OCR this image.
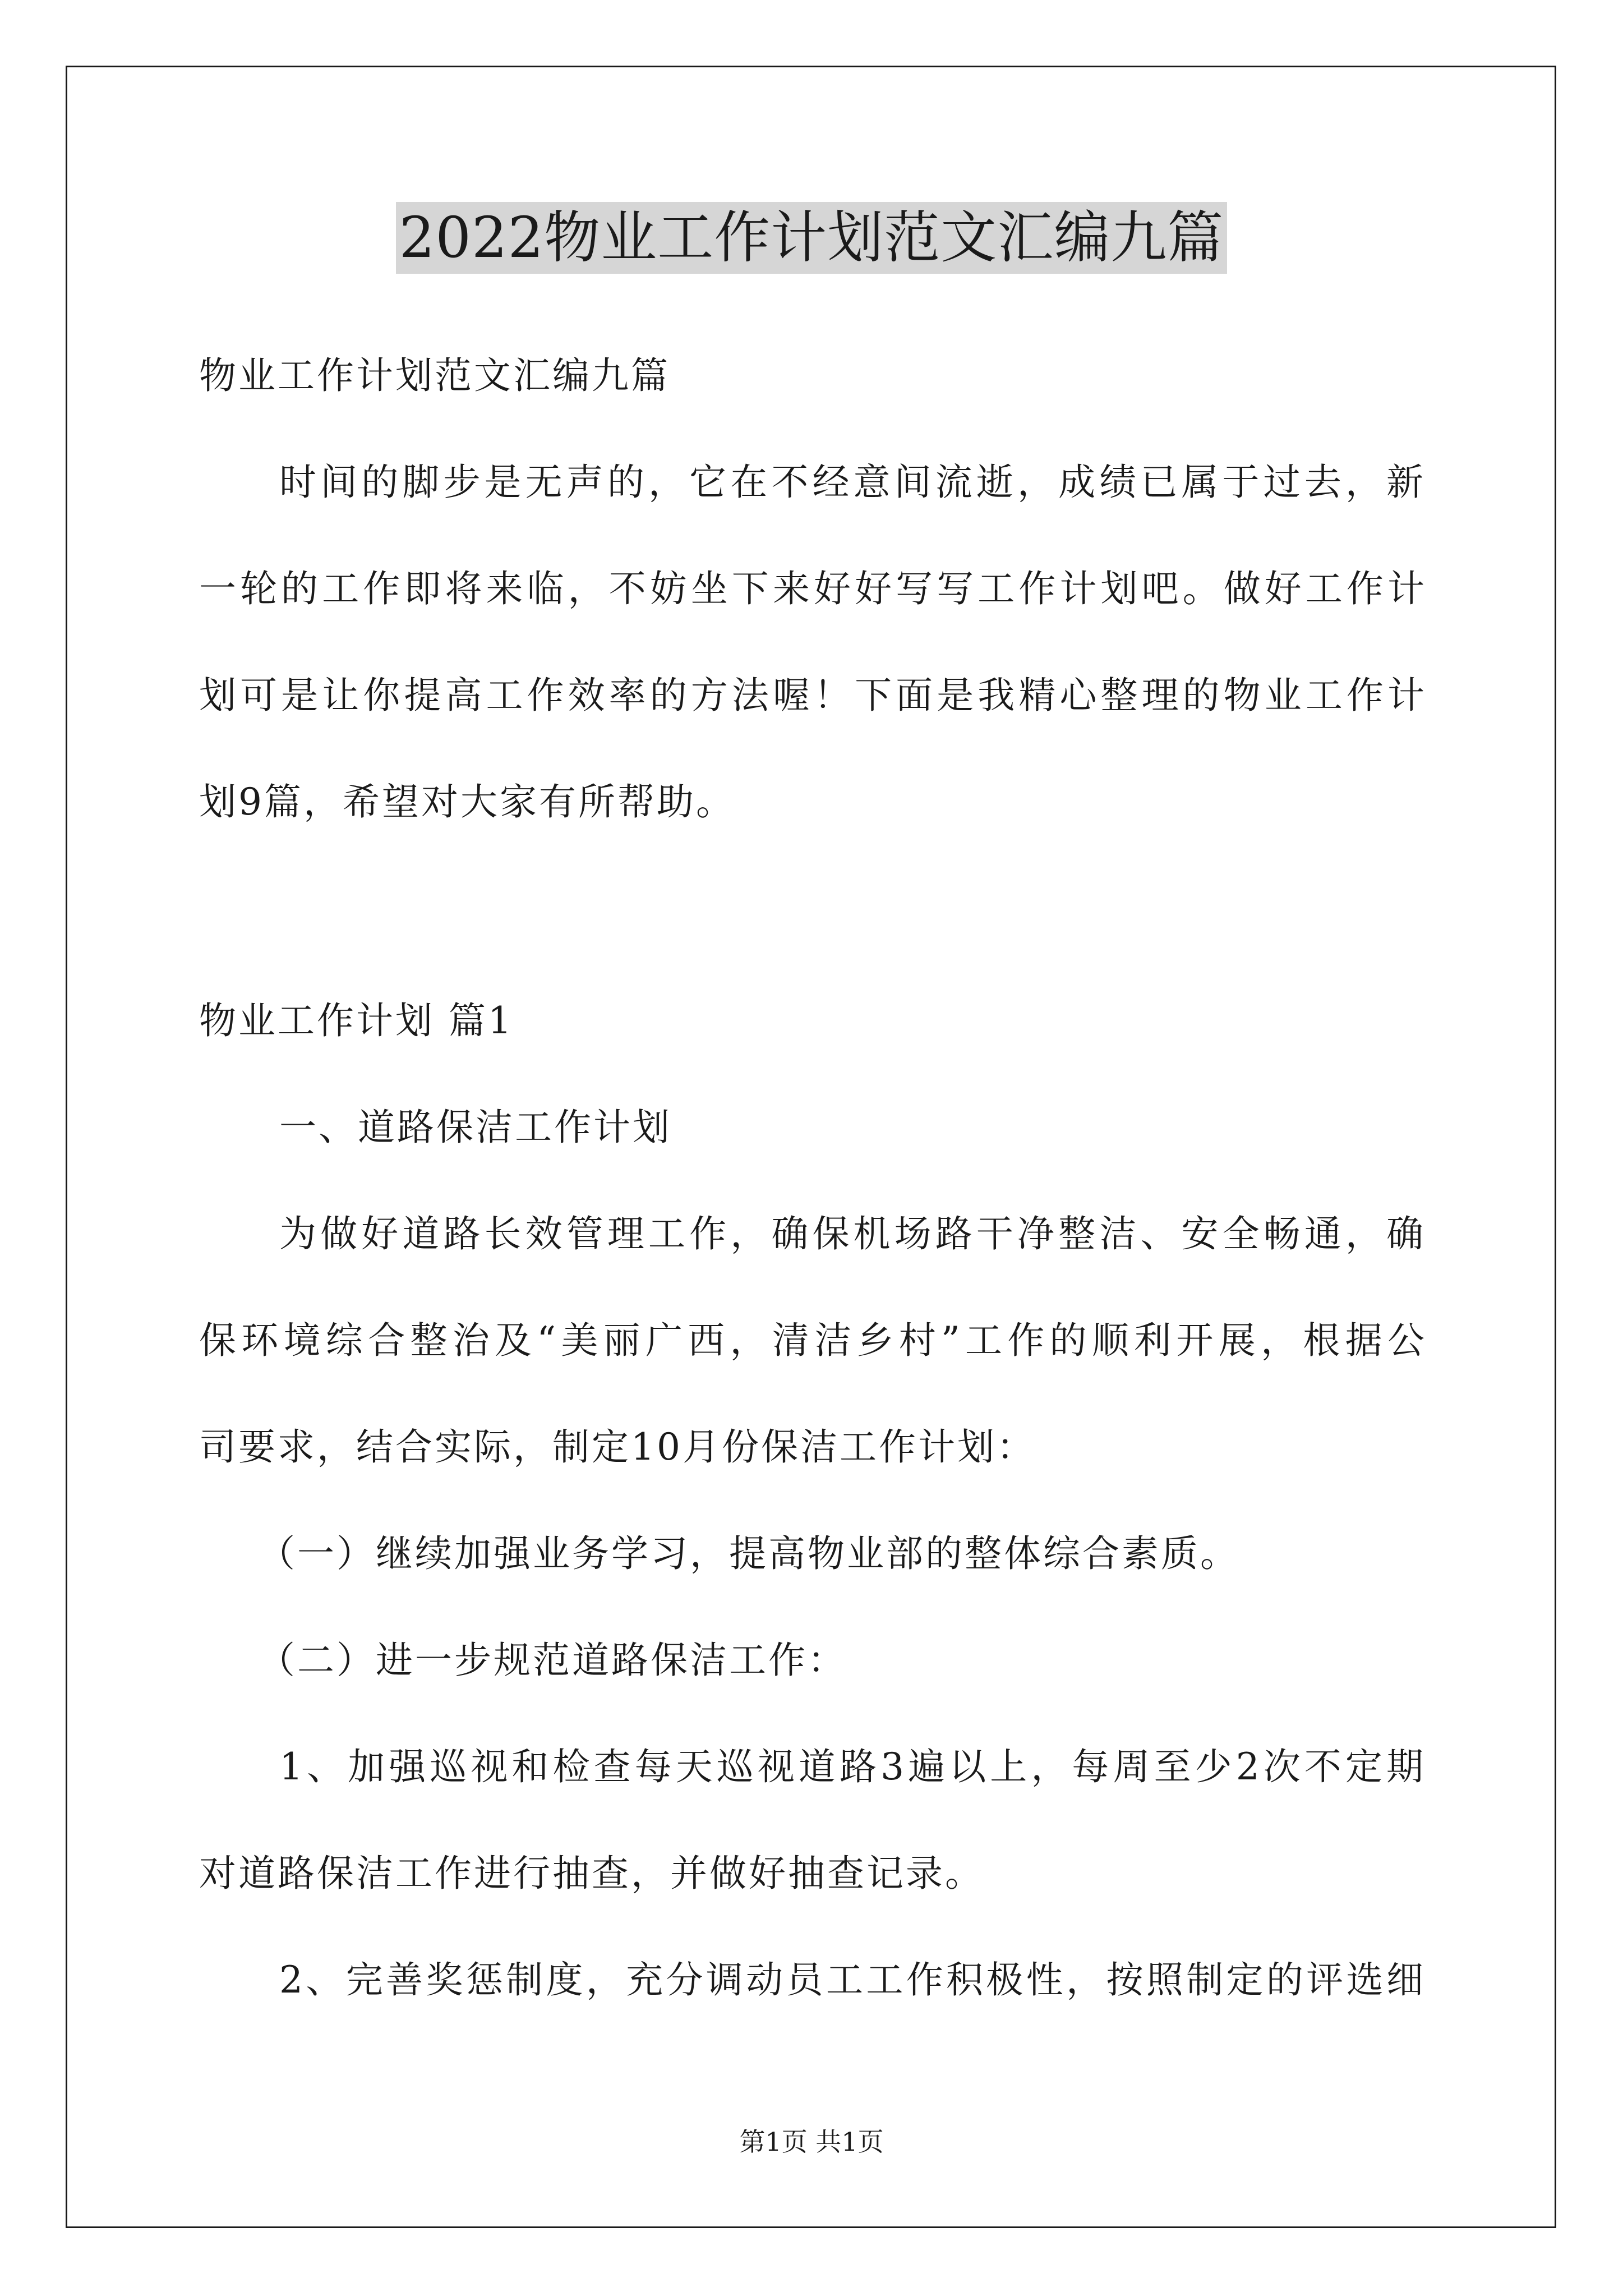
2022物业工作计划范文汇编九篇
物业工作计划范文汇编九篇
时间的脚步是无声的，它在不经意间流逝，成绩已属于过去，新
一轮的工作即将来临，不妨坐下来好好写写工作计划吧。做好工作计
划可是让你提高工作效率的方法喔！下面是我精心整理的物业工作计
划9篇，希望对大家有所帮助。
物业工作计划 篇1
一、道路保洁工作计划
为做好道路长效管理工作，确保机场路干净整洁、安全畅通，确
保环境综合整治及“美丽广西，清洁乡村”工作的顺利开展，根据公
司要求，结合实际，制定10月份保洁工作计划：
（一）继续加强业务学习，提高物业部的整体综合素质。
（二）进一步规范道路保洁工作：
1、加强巡视和检查每天巡视道路3遍以上，每周至少2次不定期
对道路保洁工作进行抽查，并做好抽查记录。
2、完善奖惩制度，充分调动员工工作积极性，按照制定的评选细
第1页 共1页
